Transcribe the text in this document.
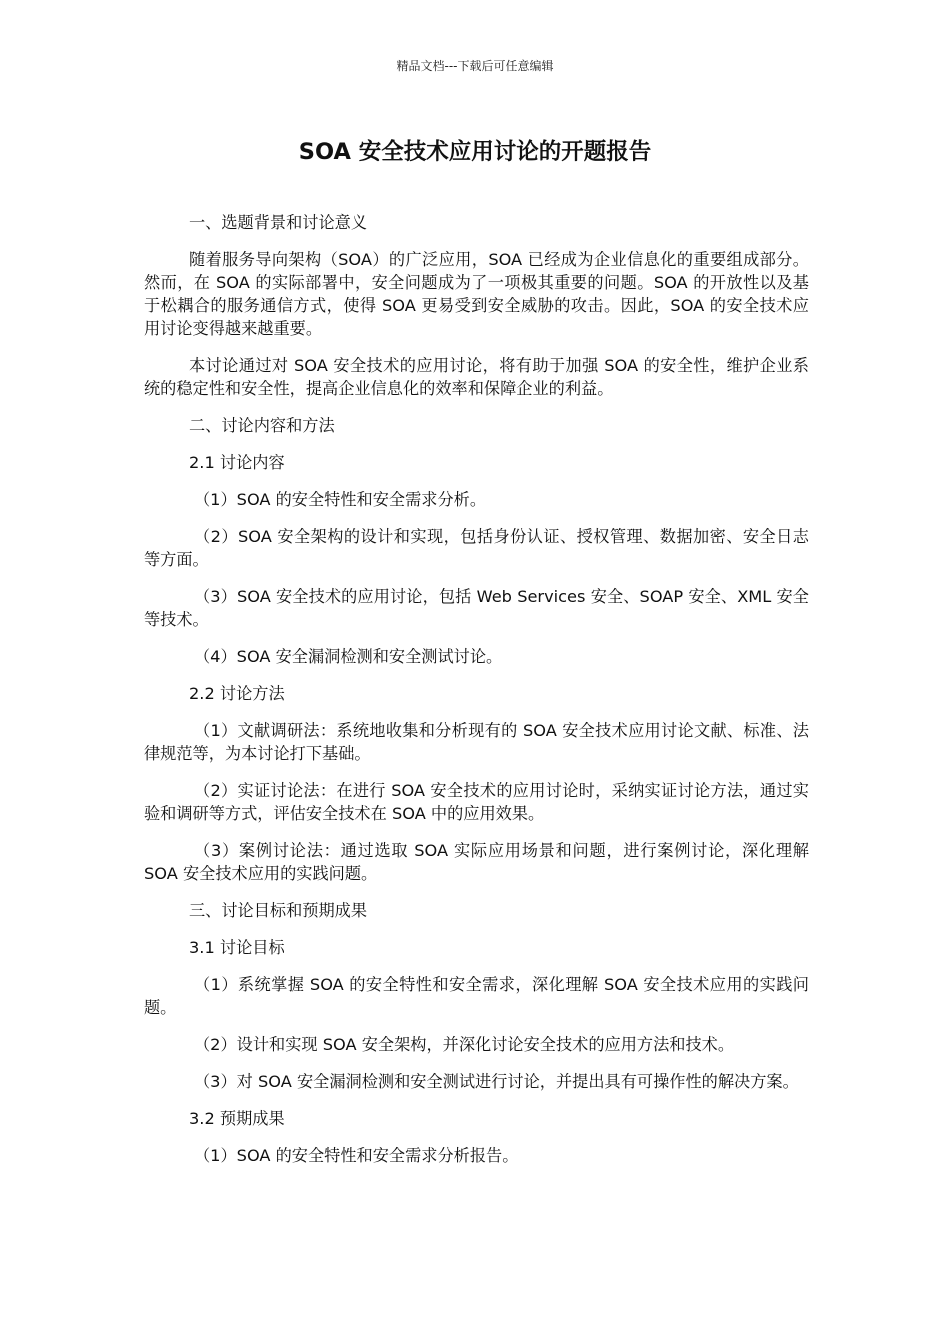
精品文档---下载后可任意编辑
SOA 安全技术应用讨论的开题报告

一、选题背景和讨论意义

随着服务导向架构（SOA）的广泛应用，SOA 已经成为企业信息化的重要组成部分。然而，在 SOA 的实际部署中，安全问题成为了一项极其重要的问题。SOA 的开放性以及基于松耦合的服务通信方式，使得 SOA 更易受到安全威胁的攻击。因此，SOA 的安全技术应用讨论变得越来越重要。

本讨论通过对 SOA 安全技术的应用讨论，将有助于加强 SOA 的安全性，维护企业系统的稳定性和安全性，提高企业信息化的效率和保障企业的利益。

二、讨论内容和方法

2.1 讨论内容

（1）SOA 的安全特性和安全需求分析。

（2）SOA 安全架构的设计和实现，包括身份认证、授权管理、数据加密、安全日志等方面。

（3）SOA 安全技术的应用讨论，包括 Web Services 安全、SOAP 安全、XML 安全等技术。

（4）SOA 安全漏洞检测和安全测试讨论。

2.2 讨论方法

（1）文献调研法：系统地收集和分析现有的 SOA 安全技术应用讨论文献、标准、法律规范等，为本讨论打下基础。

（2）实证讨论法：在进行 SOA 安全技术的应用讨论时，采纳实证讨论方法，通过实验和调研等方式，评估安全技术在 SOA 中的应用效果。

（3）案例讨论法：通过选取 SOA 实际应用场景和问题，进行案例讨论，深化理解 SOA 安全技术应用的实践问题。

三、讨论目标和预期成果

3.1 讨论目标

（1）系统掌握 SOA 的安全特性和安全需求，深化理解 SOA 安全技术应用的实践问题。

（2）设计和实现 SOA 安全架构，并深化讨论安全技术的应用方法和技术。

（3）对 SOA 安全漏洞检测和安全测试进行讨论，并提出具有可操作性的解决方案。

3.2 预期成果

（1）SOA 的安全特性和安全需求分析报告。
